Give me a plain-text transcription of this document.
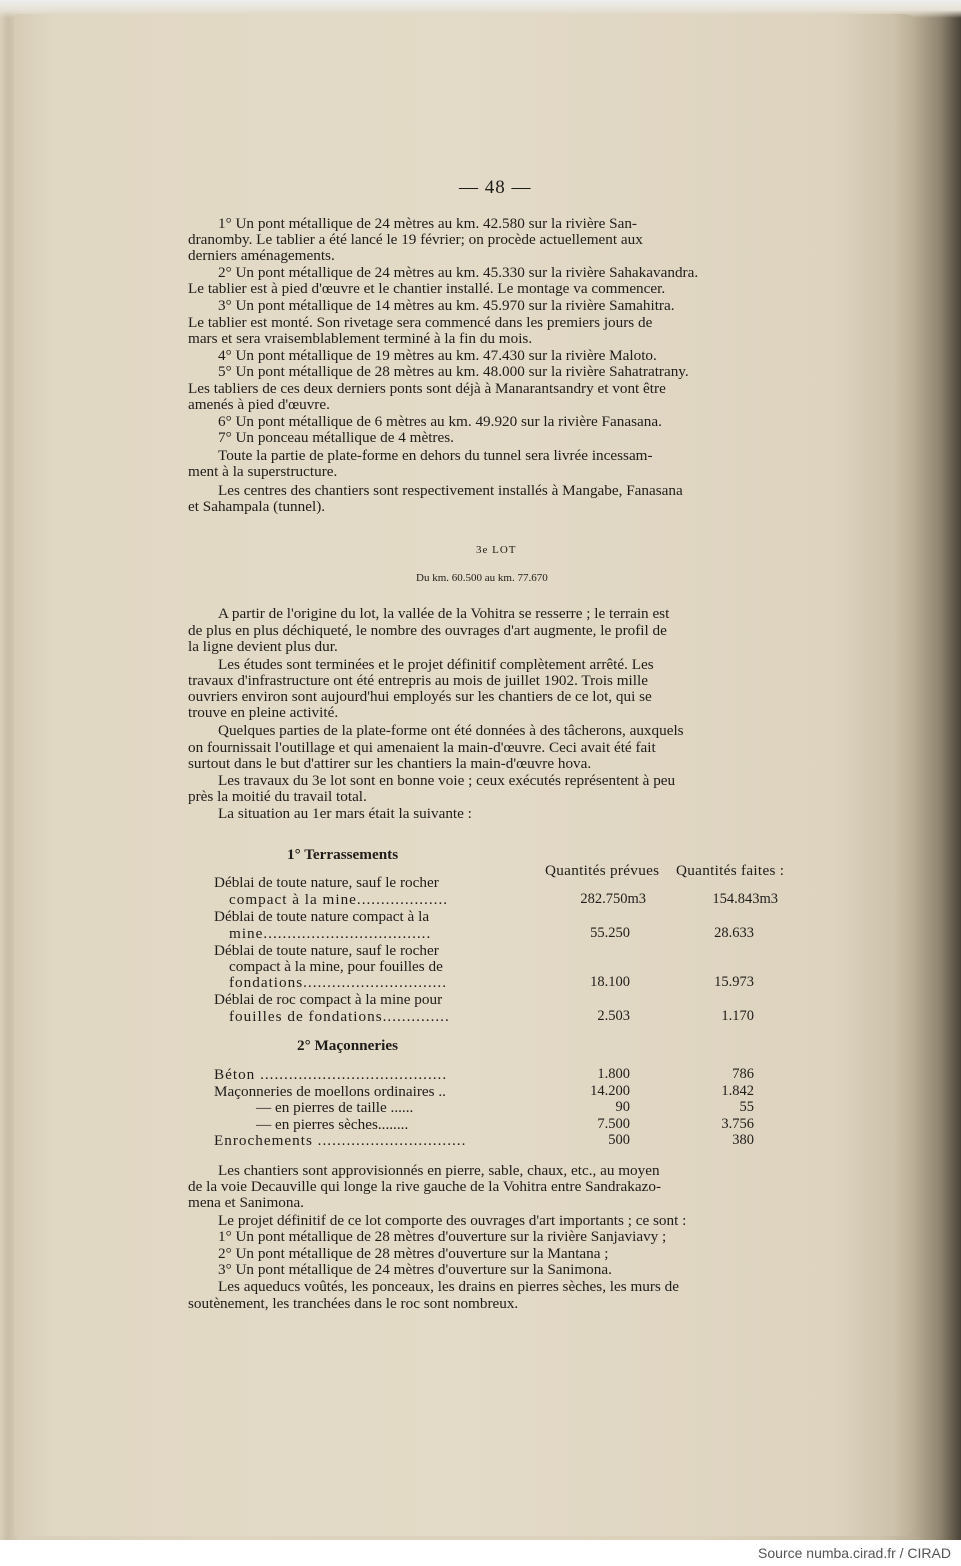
— 48 —
1° Un pont métallique de 24 mètres au km. 42.580 sur la rivière San-
dranomby. Le tablier a été lancé le 19 février; on procède actuellement aux
derniers aménagements.
2° Un pont métallique de 24 mètres au km. 45.330 sur la rivière Sahakavandra.
Le tablier est à pied d'œuvre et le chantier installé. Le montage va commencer.
3° Un pont métallique de 14 mètres au km. 45.970 sur la rivière Samahitra.
Le tablier est monté. Son rivetage sera commencé dans les premiers jours de
mars et sera vraisemblablement terminé à la fin du mois.
4° Un pont métallique de 19 mètres au km. 47.430 sur la rivière Maloto.
5° Un pont métallique de 28 mètres au km. 48.000 sur la rivière Sahatratrany.
Les tabliers de ces deux derniers ponts sont déjà à Manarantsandry et vont être
amenés à pied d'œuvre.
6° Un pont métallique de 6 mètres au km. 49.920 sur la rivière Fanasana.
7° Un ponceau métallique de 4 mètres.
Toute la partie de plate-forme en dehors du tunnel sera livrée incessam-
ment à la superstructure.
Les centres des chantiers sont respectivement installés à Mangabe, Fanasana
et Sahampala (tunnel).
3e LOT
Du km. 60.500 au km. 77.670
A partir de l'origine du lot, la vallée de la Vohitra se resserre ; le terrain est
de plus en plus déchiqueté, le nombre des ouvrages d'art augmente, le profil de
la ligne devient plus dur.
Les études sont terminées et le projet définitif complètement arrêté. Les
travaux d'infrastructure ont été entrepris au mois de juillet 1902. Trois mille
ouvriers environ sont aujourd'hui employés sur les chantiers de ce lot, qui se
trouve en pleine activité.
Quelques parties de la plate-forme ont été données à des tâcherons, auxquels
on fournissait l'outillage et qui amenaient la main-d'œuvre. Ceci avait été fait
surtout dans le but d'attirer sur les chantiers la main-d'œuvre hova.
Les travaux du 3e lot sont en bonne voie ; ceux exécutés représentent à peu
près la moitié du travail total.
La situation au 1er mars était la suivante :
1° Terrassements
Quantités prévues Quantités faites :
Déblai de toute nature, sauf le rocher
compact à la mine...................	282.750m3	154.843m3
Déblai de toute nature compact à la
mine...................................	55.250	28.633
Déblai de toute nature, sauf le rocher
compact à la mine, pour fouilles de
fondations..............................	18.100	15.973
Déblai de roc compact à la mine pour
fouilles de fondations..............	2.503	1.170
2° Maçonneries
Béton .......................................	1.800	786
Maçonneries de moellons ordinaires ..	14.200	1.842
— en pierres de taille ......	90	55
— en pierres sèches........	7.500	3.756
Enrochements ...............................	500	380
Les chantiers sont approvisionnés en pierre, sable, chaux, etc., au moyen
de la voie Decauville qui longe la rive gauche de la Vohitra entre Sandrakazo-
mena et Sanimona.
Le projet définitif de ce lot comporte des ouvrages d'art importants ; ce sont :
1° Un pont métallique de 28 mètres d'ouverture sur la rivière Sanjaviavy ;
2° Un pont métallique de 28 mètres d'ouverture sur la Mantana ;
3° Un pont métallique de 24 mètres d'ouverture sur la Sanimona.
Les aqueducs voûtés, les ponceaux, les drains en pierres sèches, les murs de
soutènement, les tranchées dans le roc sont nombreux.
Source numba.cirad.fr / CIRAD
